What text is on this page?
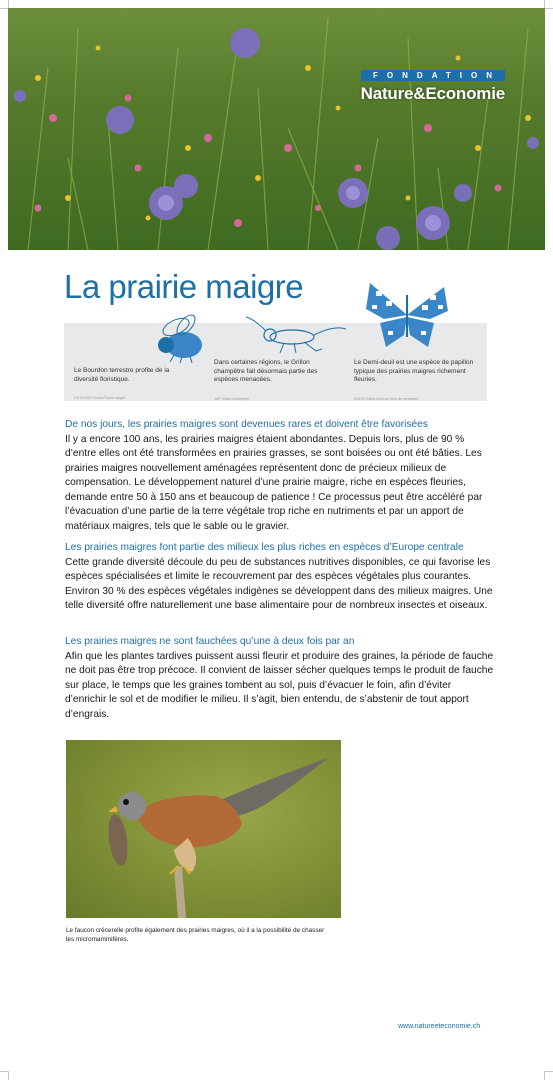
FONDATION
Nature&Economie
La prairie maigre
Le Bourdon terrestre profite de la diversité floristique.
OUTDOOR Grand Prairie maigre
Dans certaines régions, le Grillon champêtre fait désormais partie des espèces menacées.
JAP Grillon champêtre
Le Demi-deuil est une espèce de papillon typique des prairies maigres richement fleuries.
KAEGY Demi-deuil sur fleur de centaurée
De nos jours, les prairies maigres sont devenues rares et doivent être favorisées

Il y a encore 100 ans, les prairies maigres étaient abondantes. Depuis lors, plus de 90 % d’entre elles ont été transformées en prairies grasses, se sont boisées ou ont été bâties. Les prairies maigres nouvellement aménagées représentent donc de précieux milieux de compensation. Le développement naturel d’une prairie maigre, riche en espèces fleuries, demande entre 50 à 150 ans et beaucoup de patience ! Ce processus peut être accéléré par l’évacuation d’une partie de la terre végétale trop riche en nutriments et par un apport de matériaux maigres, tels que le sable ou le gravier.

Les prairies maigres font partie des milieux les plus riches en espèces d’Europe centrale

Cette grande diversité découle du peu de substances nutritives disponibles, ce qui favorise les espèces spécialisées et limite le recouvrement par des espèces végétales plus courantes. Environ 30 % des espèces végétales indigènes se développent dans des milieux maigres. Une telle diversité offre naturellement une base alimentaire pour de nombreux insectes et oiseaux.

Les prairies maigres ne sont fauchées qu’une à deux fois par an

Afin que les plantes tardives puissent aussi fleurir et produire des graines, la période de fauche ne doit pas être trop précoce. Il convient de laisser sécher quelques temps le produit de fauche sur place, le temps que les graines tombent au sol, puis d’évacuer le foin, afin d’éviter d’enrichir le sol et de modifier le milieu. Il s’agit, bien entendu, de s’abstenir de tout apport d’engrais.

Le faucon crécerelle profite également des prairies maigres, où il a la possibilité de chasser les micromammifères.
www.natureeteconomie.ch
